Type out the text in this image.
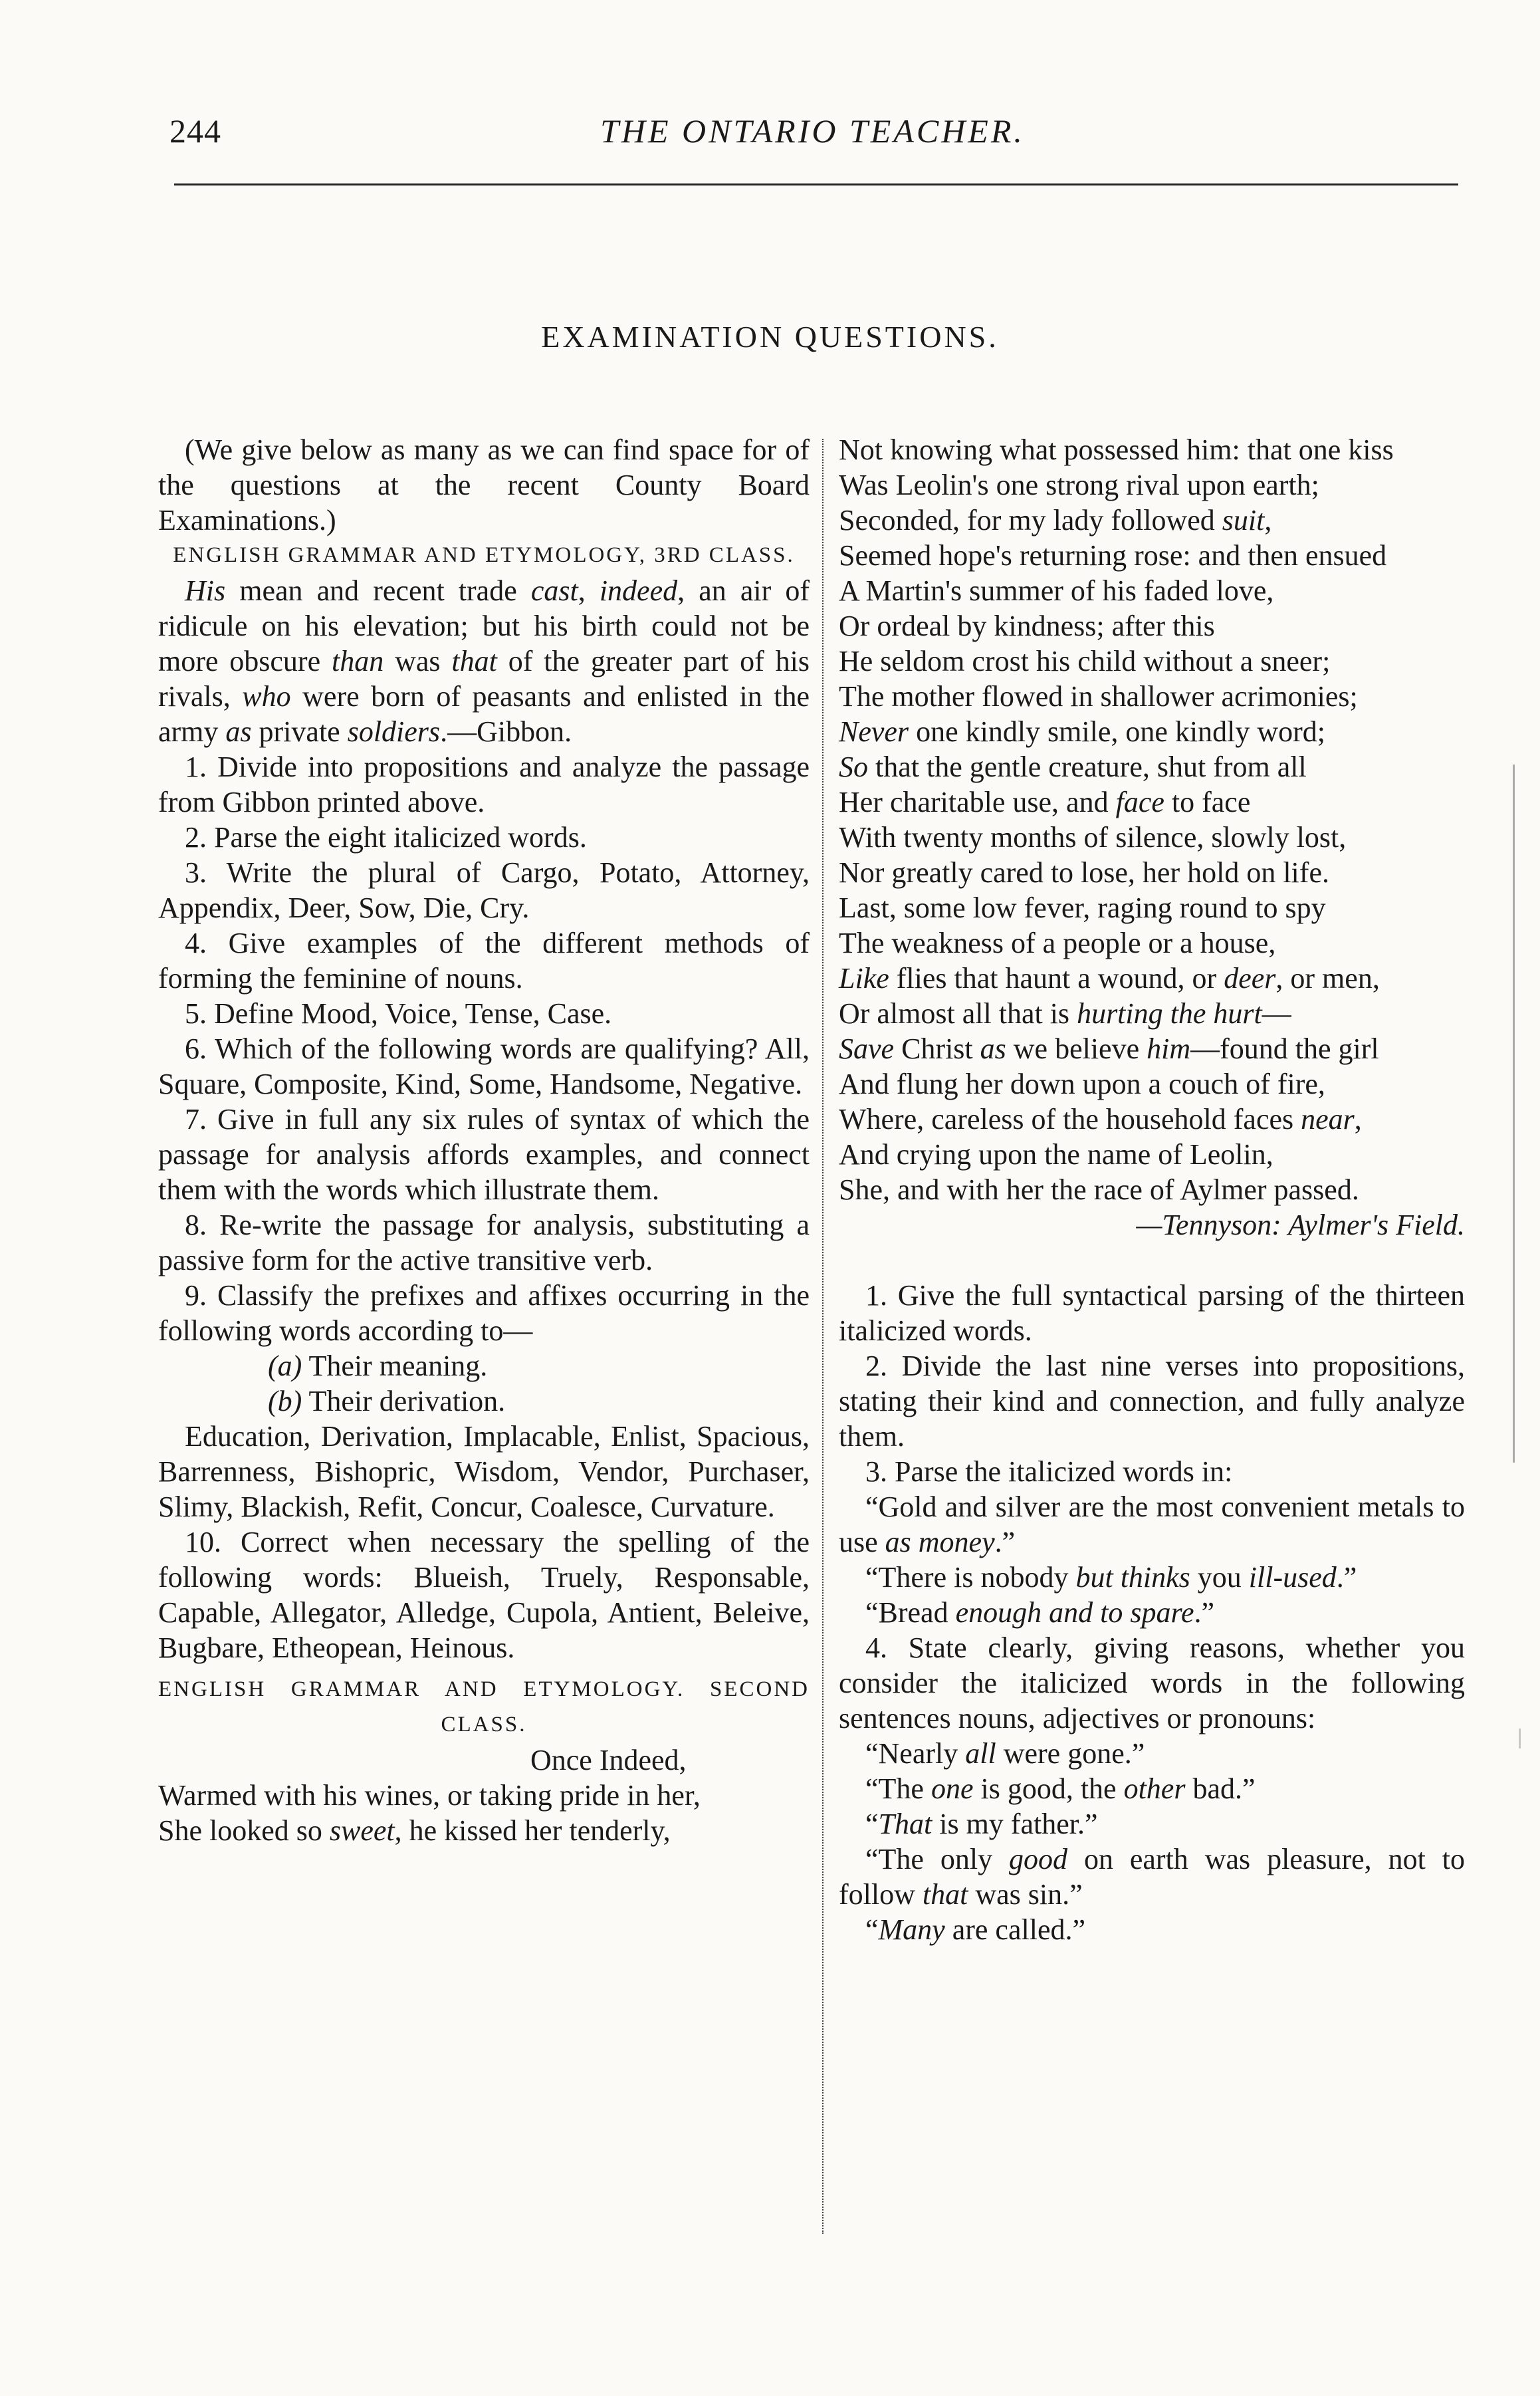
244	THE ONTARIO TEACHER.
EXAMINATION QUESTIONS.

(We give below as many as we can find space for of the questions at the recent County Board Examinations.)

ENGLISH GRAMMAR AND ETYMOLOGY, 3RD CLASS.

His mean and recent trade cast, indeed, an air of ridicule on his elevation; but his birth could not be more obscure than was that of the greater part of his rivals, who were born of peasants and enlisted in the army as private soldiers.—Gibbon.

1. Divide into propositions and analyze the passage from Gibbon printed above.

2. Parse the eight italicized words.

3. Write the plural of Cargo, Potato, Attorney, Appendix, Deer, Sow, Die, Cry.

4. Give examples of the different methods of forming the feminine of nouns.

5. Define Mood, Voice, Tense, Case.

6. Which of the following words are qualifying? All, Square, Composite, Kind, Some, Handsome, Negative.

7. Give in full any six rules of syntax of which the passage for analysis affords examples, and connect them with the words which illustrate them.

8. Re-write the passage for analysis, substituting a passive form for the active transitive verb.

9. Classify the prefixes and affixes occurring in the following words according to—

(a) Their meaning.

(b) Their derivation.

Education, Derivation, Implacable, Enlist, Spacious, Barrenness, Bishopric, Wisdom, Vendor, Purchaser, Slimy, Blackish, Refit, Concur, Coalesce, Curvature.

10. Correct when necessary the spelling of the following words: Blueish, Truely, Responsable, Capable, Allegator, Alledge, Cupola, Antient, Beleive, Bugbare, Etheopean, Heinous.

ENGLISH GRAMMAR AND ETYMOLOGY. SECOND CLASS.

Once Indeed,

Warmed with his wines, or taking pride in her,

She looked so sweet, he kissed her tenderly,

Not knowing what possessed him: that one kiss

Was Leolin's one strong rival upon earth;

Seconded, for my lady followed suit,

Seemed hope's returning rose: and then ensued

A Martin's summer of his faded love,

Or ordeal by kindness; after this

He seldom crost his child without a sneer;

The mother flowed in shallower acrimonies;

Never one kindly smile, one kindly word;

So that the gentle creature, shut from all

Her charitable use, and face to face

With twenty months of silence, slowly lost,

Nor greatly cared to lose, her hold on life.

Last, some low fever, raging round to spy

The weakness of a people or a house,

Like flies that haunt a wound, or deer, or men,

Or almost all that is hurting the hurt—

Save Christ as we believe him—found the girl

And flung her down upon a couch of fire,

Where, careless of the household faces near,

And crying upon the name of Leolin,

She, and with her the race of Aylmer passed.

—Tennyson: Aylmer's Field.

1. Give the full syntactical parsing of the thirteen italicized words.

2. Divide the last nine verses into propositions, stating their kind and connection, and fully analyze them.

3. Parse the italicized words in:

“Gold and silver are the most convenient metals to use as money.”

“There is nobody but thinks you ill-used.”

“Bread enough and to spare.”

4. State clearly, giving reasons, whether you consider the italicized words in the following sentences nouns, adjectives or pronouns:

“Nearly all were gone.”

“The one is good, the other bad.”

“That is my father.”

“The only good on earth was pleasure, not to follow that was sin.”

“Many are called.”
